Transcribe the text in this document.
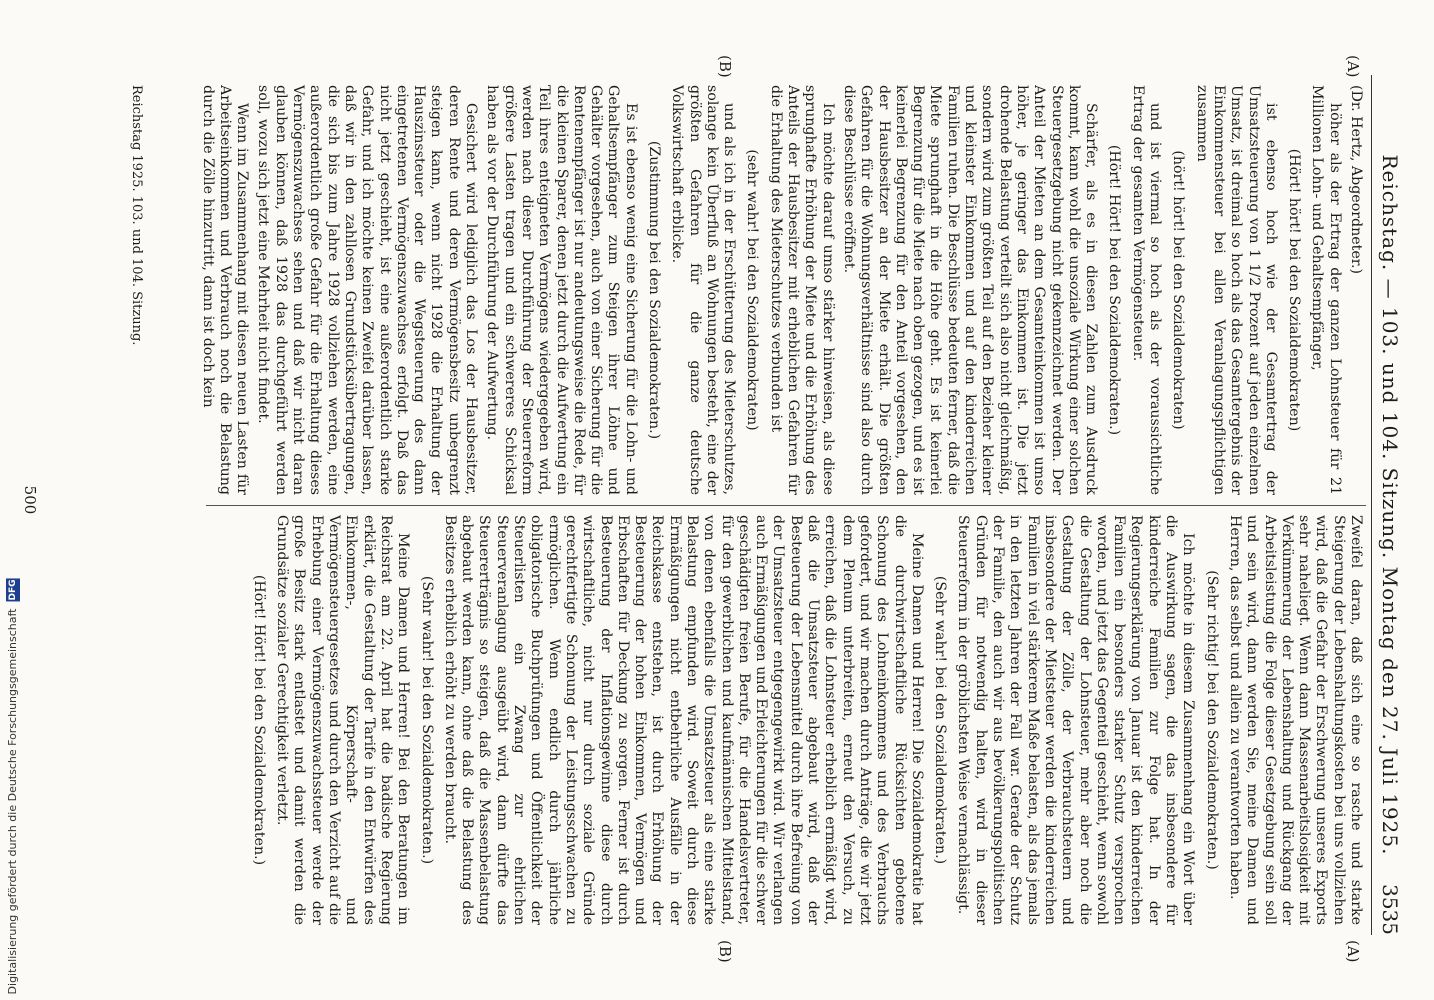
Reichstag. — 103. und 104. Sitzung. Montag den 27. Juli 1925.
3535
(A)
(A)
(B)
(B)

(Dr. Hertz, Abgeordneter.)

höher als der Ertrag der ganzen Lohnsteuer für 21 Millionen Lohn- und Gehaltsempfänger,

(Hört! hört! bei den Sozialdemokraten)

ist ebenso hoch wie der Gesamtertrag der Umsatzsteuerung von 1 1/2 Prozent auf jeden einzelnen Umsatz, ist dreimal so hoch als das Gesamtergebnis der Einkommensteuer bei allen Veranlagungspflichtigen zusammen

(hört! hört! bei den Sozialdemokraten)

und ist viermal so hoch als der voraussichtliche Ertrag der gesamten Vermögensteuer.

(Hört! Hört! bei den Sozialdemokraten.)

Schärfer, als es in diesen Zahlen zum Ausdruck kommt, kann wohl die unsoziale Wirkung einer solchen Steuergesetzgebung nicht gekennzeichnet werden. Der Anteil der Mieten an dem Gesamteinkommen ist umso höher, je geringer das Einkommen ist. Die jetzt drohende Belastung verteilt sich also nicht gleichmäßig, sondern wird zum größten Teil auf den Bezieher kleiner und kleinster Einkommen und auf den kinderreichen Familien ruhen. Die Beschlüsse bedeuten ferner, daß die Miete sprunghaft in die Höhe geht. Es ist keinerlei Begrenzung für die Miete nach oben gezogen, und es ist keinerlei Begrenzung für den Anteil vorgesehen, den der Hausbesitzer an der Miete erhält. Die größten Gefahren für die Wohnungsverhältnisse sind also durch diese Beschlüsse eröffnet.

Ich möchte darauf umso stärker hinweisen, als diese sprunghafte Erhöhung der Miete und die Erhöhung des Anteils der Hausbesitzer mit erheblichen Gefahren für die Erhaltung des Mieterschutzes verbunden ist

(sehr wahr! bei den Sozialdemokraten)

und als ich in der Erschütterung des Mieterschutzes, solange kein Überfluß an Wohnungen besteht, eine der größten Gefahren für die ganze deutsche Volkswirtschaft erblicke.

(Zustimmung bei den Sozialdemokraten.)

Es ist ebenso wenig eine Sicherung für die Lohn- und Gehaltsempfänger zum Steigen ihrer Löhne und Gehälter vorgesehen, auch von einer Sicherung für die Rentenempfänger ist nur andeutungsweise die Rede, für die kleinen Sparer, denen jetzt durch die Aufwertung ein Teil ihres enteigneten Vermögens wiedergegeben wird, werden nach dieser Durchführung der Steuerreform größere Lasten tragen und ein schwereres Schicksal haben als vor der Durchführung der Aufwertung.

Gesichert wird lediglich das Los der Hausbesitzer, deren Rente und deren Vermögensbesitz unbegrenzt steigen kann, wenn nicht 1928 die Erhaltung der Hauszinssteuer oder die Wegsteuerung des dann eingetretenen Vermögenszuwachses erfolgt. Daß das nicht jetzt geschieht, ist eine außerordentlich starke Gefahr, und ich möchte keinen Zweifel darüber lassen, daß wir in den zahllosen Grundstücksübertragungen, die sich bis zum Jahre 1928 vollziehen werden, eine außerordentlich große Gefahr für die Erhaltung dieses Vermögenszuwachses sehen und daß wir nicht daran glauben können, daß 1928 das durchgeführt werden soll, wozu sich jetzt eine Mehrheit nicht findet.

Wenn im Zusammenhang mit diesen neuen Lasten für Arbeitseinkommen und Verbrauch noch die Belastung durch die Zölle hinzutritt, dann ist doch kein

Zweifel daran, daß sich eine so rasche und starke Steigerung der Lebenshaltungskosten bei uns vollziehen wird, daß die Gefahr der Erschwerung unseres Exports sehr naheliegt. Wenn dann Massenarbeitslosigkeit mit Verkümmerung der Lebenshaltung und Rückgang der Arbeitsleistung die Folge dieser Gesetzgebung sein soll und sein wird, dann werden Sie, meine Damen und Herren, das selbst und allein zu verantworten haben.

(Sehr richtig! bei den Sozialdemokraten.)

Ich möchte in diesem Zusammenhang ein Wort über die Auswirkung sagen, die das insbesondere für kinderreiche Familien zur Folge hat. In der Regierungserklärung von Januar ist den kinderreichen Familien ein besonders starker Schutz versprochen worden, und jetzt das Gegenteil geschieht, wenn sowohl die Gestaltung der Lohnsteuer, mehr aber noch die Gestaltung der Zölle, der Verbrauchsteuern und insbesondere der Mietsteuer werden die kinderreichen Familien in viel stärkerem Maße belasten, als das jemals in den letzten Jahren der Fall war. Gerade der Schutz der Familie, den auch wir aus bevölkerungspolitischen Gründen für notwendig halten, wird in dieser Steuerreform in der gröblichsten Weise vernachlässigt.

(Sehr wahr! bei den Sozialdemokraten.)

Meine Damen und Herren! Die Sozialdemokratie hat die durchwirtschaftliche Rücksichten gebotene Schonung des Lohneinkommens und des Verbrauchs gefordert, und wir machen durch Anträge, die wir jetzt dem Plenum unterbreiten, erneut den Versuch, zu erreichen, daß die Lohnsteuer erheblich ermäßigt wird, daß die Umsatzsteuer abgebaut wird, daß der Besteuerung der Lebensmittel durch ihre Befreiung von der Umsatzsteuer entgegengewirkt wird. Wir verlangen auch Ermäßigungen und Erleichterungen für die schwer geschädigten freien Berufe, für die Handelsvertreter, für den gewerblichen und kaufmännischen Mittelstand, von denen ebenfalls die Umsatzsteuer als eine starke Belastung empfunden wird. Soweit durch diese Ermäßigungen nicht entbehrliche Ausfälle in der Reichskasse entstehen, ist durch Erhöhung der Besteuerung der hohen Einkommen, Vermögen und Erbschaften für Deckung zu sorgen. Ferner ist durch Besteuerung der Inflationsgewinne diese durch wirtschaftliche, nicht nur durch soziale Gründe gerechtfertigte Schonung der Leistungsschwachen zu ermöglichen. Wenn endlich durch jährliche obligatorische Buchprüfungen und Öffentlichkeit der Steuerlisten ein Zwang zur ehrlichen Steuerveranlagung ausgeübt wird, dann dürfte das Steuererträgnis so steigen, daß die Massenbelastung abgebaut werden kann, ohne daß die Belastung des Besitzes erheblich erhöht zu werden braucht.

(Sehr wahr! bei den Sozialdemokraten.)

Meine Damen und Herren! Bei den Beratungen im Reichsrat am 22. April hat die badische Regierung erklärt, die Gestaltung der Tarife in den Entwürfen des Einkommen-, Körperschaft- und Vermögensteuergesetzes und durch den Verzicht auf die Erhebung einer Vermögenszuwachssteuer werde der große Besitz stark entlastet und damit werden die Grundsätze sozialer Gerechtigkeit verletzt.

(Hört! Hört! bei den Sozialdemokraten.)

Reichstag 1925. 103. und 104. Sitzung.
500
Digitalisierung gefördert durch die Deutsche Forschungsgemeinschaft DFG
